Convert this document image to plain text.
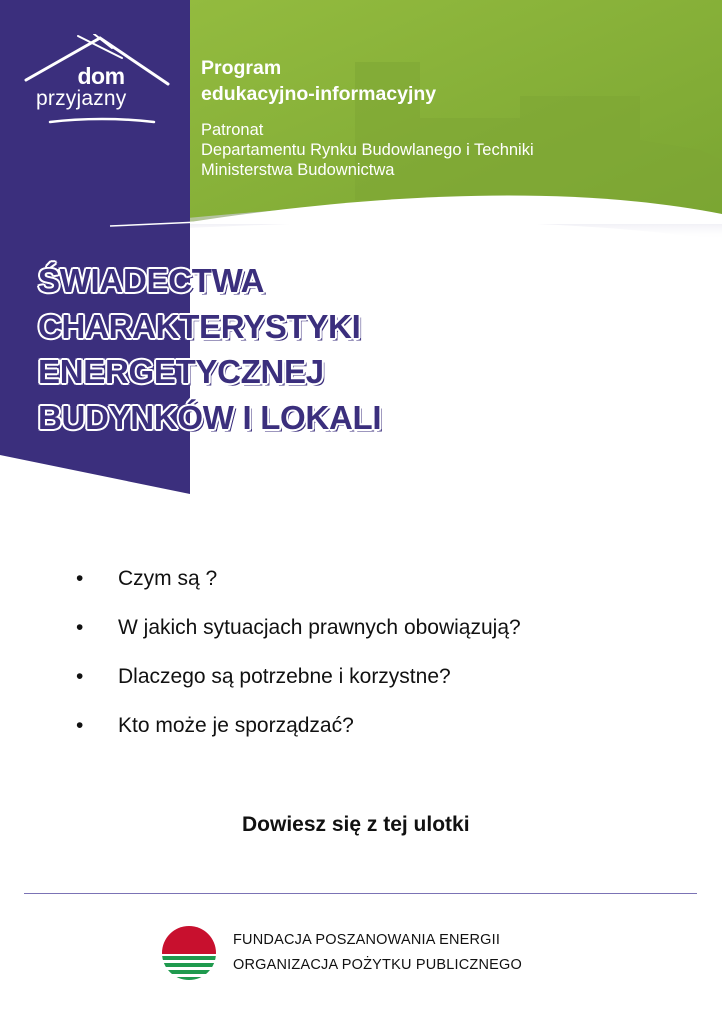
dom
przyjazny
Program
edukacyjno-informacyjny
Patronat
Departamentu Rynku Budowlanego i Techniki
Ministerstwa Budownictwa
ŚWIADECTWA
CHARAKTERYSTYKI
ENERGETYCZNEJ
BUDYNKÓW I LOKALI
• Czym są ?
• W jakich sytuacjach prawnych obowiązują?
• Dlaczego są potrzebne i korzystne?
• Kto może je sporządzać?
Dowiesz się z tej ulotki
FUNDACJA POSZANOWANIA ENERGII
ORGANIZACJA POŻYTKU PUBLICZNEGO
